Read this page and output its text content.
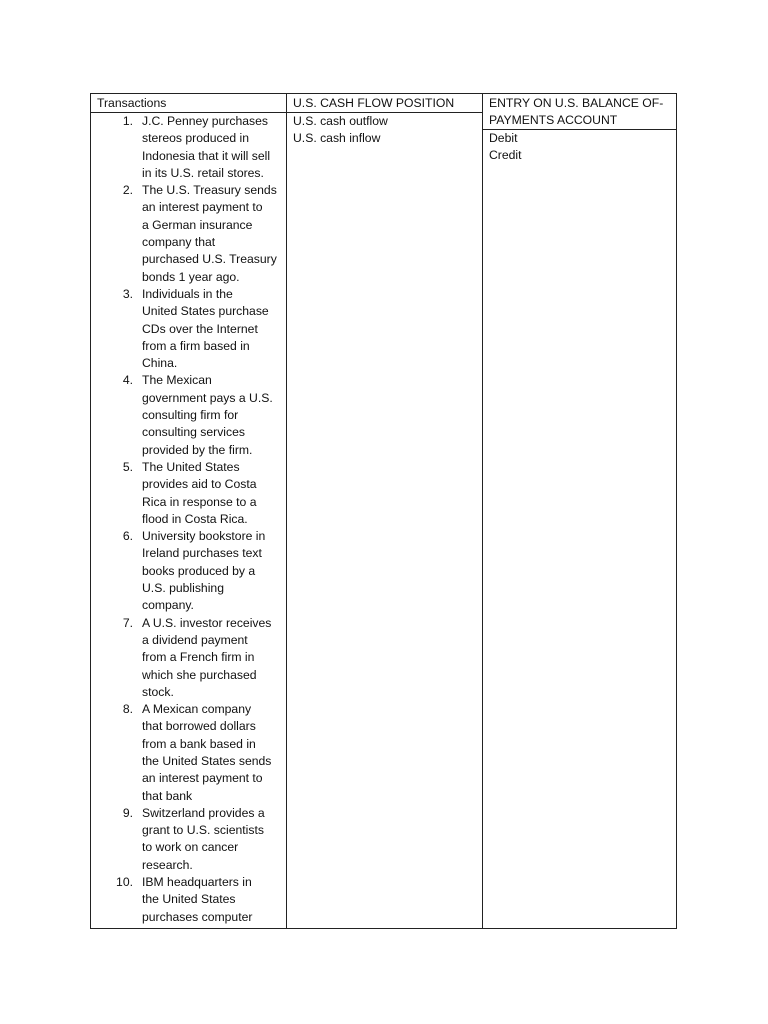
Transactions
1. J.C. Penney purchases
stereos produced in
Indonesia that it will sell
in its U.S. retail stores.
2. The U.S. Treasury sends
an interest payment to
a German insurance
company that
purchased U.S. Treasury
bonds 1 year ago.
3. Individuals in the
United States purchase
CDs over the Internet
from a firm based in
China.
4. The Mexican
government pays a U.S.
consulting firm for
consulting services
provided by the firm.
5. The United States
provides aid to Costa
Rica in response to a
flood in Costa Rica.
6. University bookstore in
Ireland purchases text
books produced by a
U.S. publishing
company.
7. A U.S. investor receives
a dividend payment
from a French firm in
which she purchased
stock.
8. A Mexican company
that borrowed dollars
from a bank based in
the United States sends
an interest payment to
that bank
9. Switzerland provides a
grant to U.S. scientists
to work on cancer
research.
10. IBM headquarters in
the United States
purchases computer
U.S. CASH FLOW POSITION
U.S. cash outflow
U.S. cash inflow
ENTRY ON U.S. BALANCE OF-PAYMENTS ACCOUNT
Debit
Credit
